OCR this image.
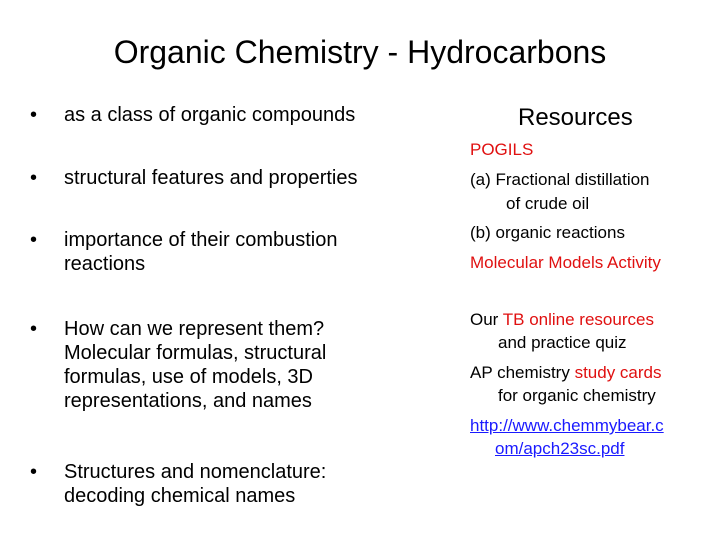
Organic Chemistry - Hydrocarbons
•	as a class of organic compounds
•	structural features and properties
•	importance of their combustion
reactions
•	How can we represent them?
Molecular formulas, structural
formulas, use of models, 3D
representations, and names
•	Structures and nomenclature:
decoding chemical names
Resources
POGILS
(a) Fractional distillation
of crude oil
(b) organic reactions
Molecular Models Activity
Our TB online resources
and practice quiz
AP chemistry study cards
for organic chemistry
http://www.chemmybear.c
om/apch23sc.pdf
